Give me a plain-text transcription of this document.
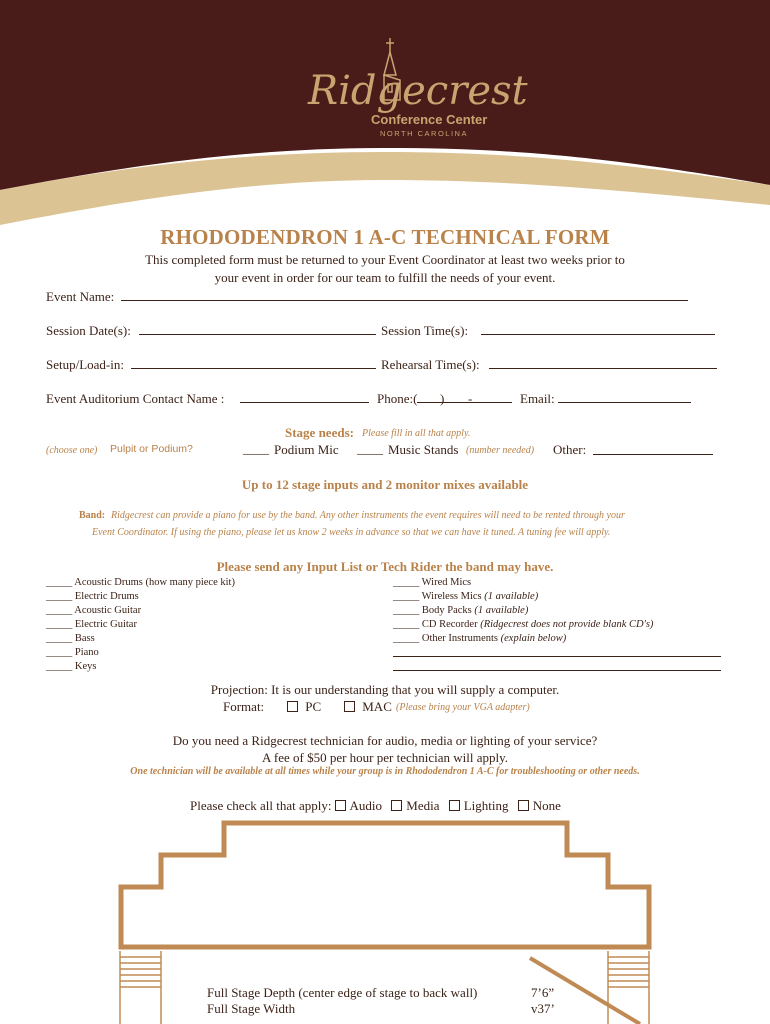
Ridgecrest
Conference Center
NORTH CAROLINA
RHODODENDRON 1 A-C TECHNICAL FORM
This completed form must be returned to your Event Coordinator at least two weeks prior to
your event in order for our team to fulfill the needs of your event.
Event Name:
Session Date(s):	Session Time(s):
Setup/Load-in:	Rehearsal Time(s):
Event Auditorium Contact Name :	Phone:( ) -	Email:
Stage needs: Please fill in all that apply.
(choose one) Pulpit or Podium?	____ Podium Mic ____ Music Stands (number needed) Other:
Up to 12 stage inputs and 2 monitor mixes available
Band: Ridgecrest can provide a piano for use by the band. Any other instruments the event requires will need to be rented through your
Event Coordinator. If using the piano, please let us know 2 weeks in advance so that we can have it tuned. A tuning fee will apply.
Please send any Input List or Tech Rider the band may have.
_____ Acoustic Drums (how many piece kit)
_____ Electric Drums
_____ Acoustic Guitar
_____ Electric Guitar
_____ Bass
_____ Piano
_____ Keys
_____ Wired Mics
_____ Wireless Mics (1 available)
_____ Body Packs (1 available)
_____ CD Recorder (Ridgecrest does not provide blank CD's)
_____ Other Instruments (explain below)
Projection: It is our understanding that you will supply a computer.
Format:	PC	MAC (Please bring your VGA adapter)
Do you need a Ridgecrest technician for audio, media or lighting of your service?
A fee of $50 per hour per technician will apply.
One technician will be available at all times while your group is in Rhododendron 1 A-C for troubleshooting or other needs.
Please check all that apply: Audio Media Lighting None
Full Stage Depth (center edge of stage to back wall)	7’6”
Full Stage Width	v37’
